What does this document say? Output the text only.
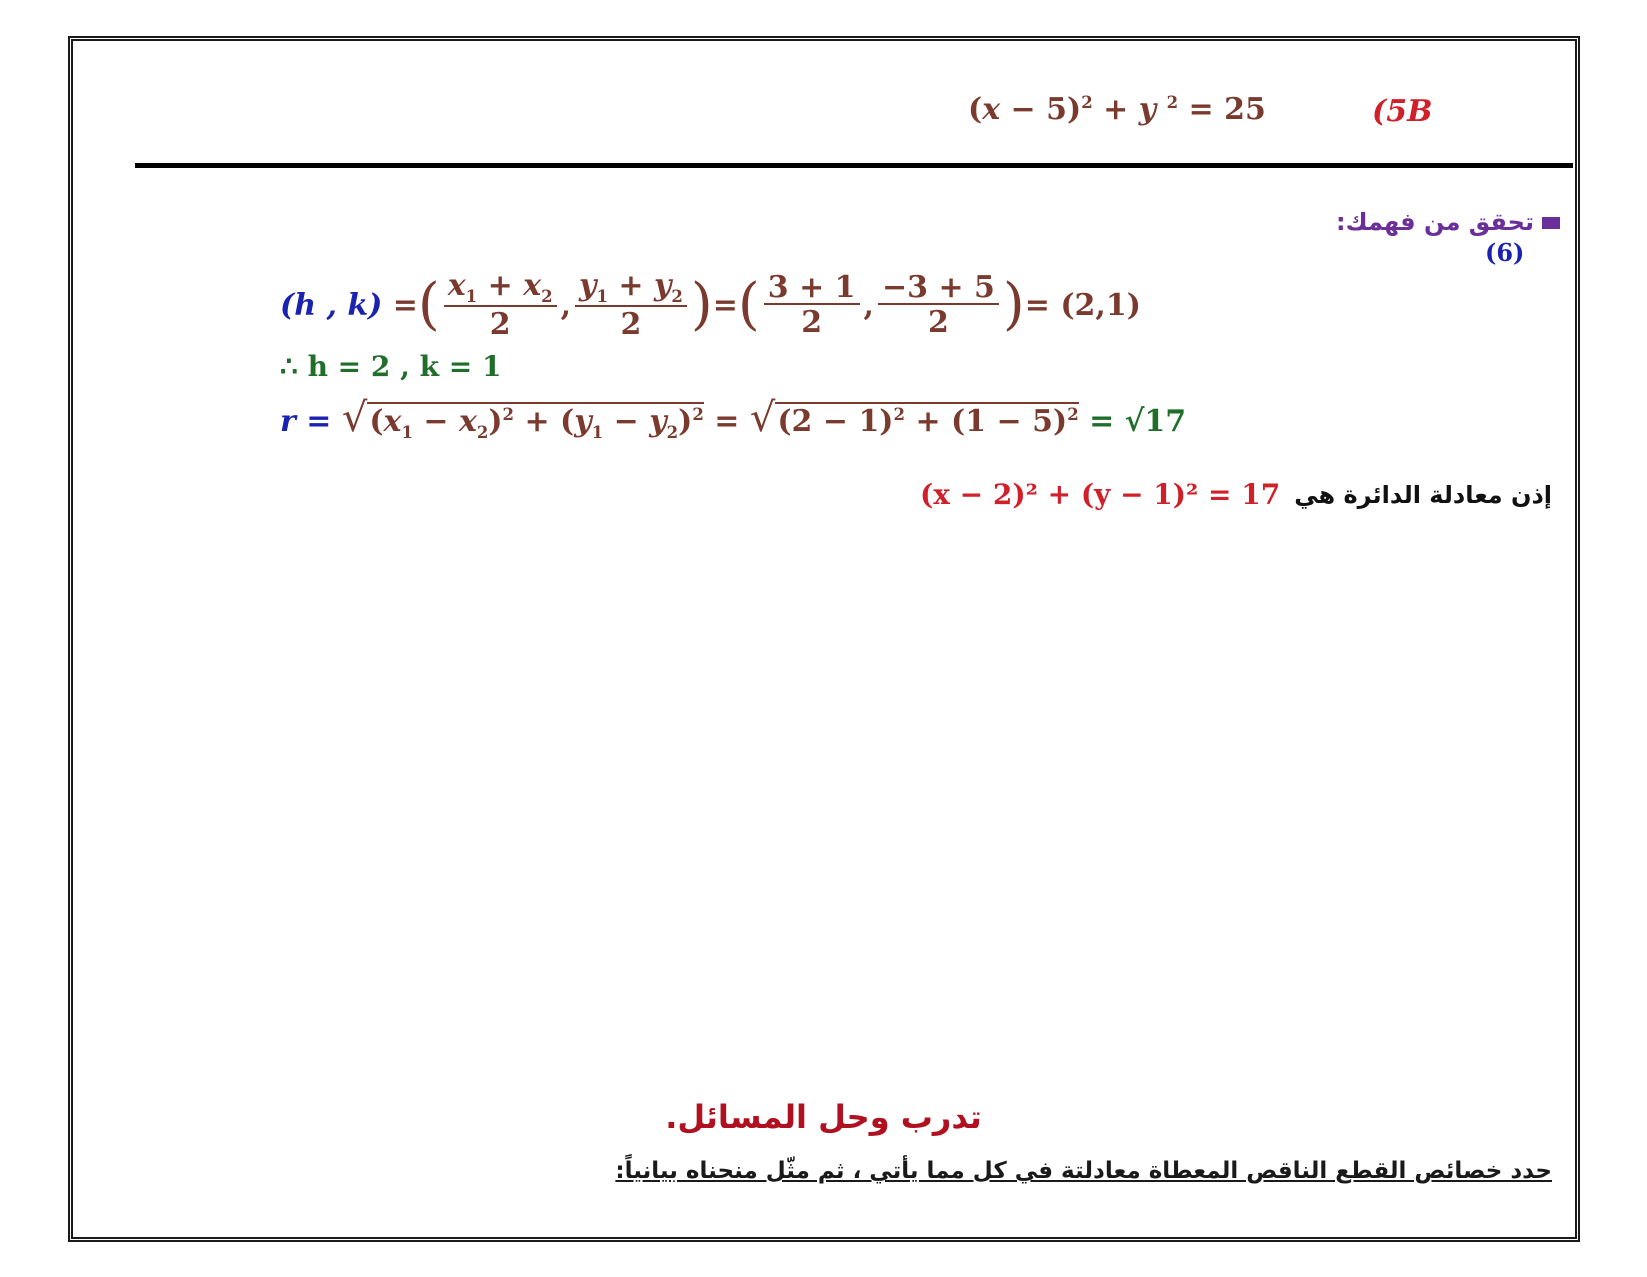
$(x - 5)^2 + y$ $^2$ = 25	(5B
تحقق من فهمك:
(6)
(h , k) = ( $\frac{x_1 + x_2}{2}$ , $\frac{y_1 + y_2}{2}$ ) = ( $\frac{3 + 1}{2}$ , $\frac{-3 + 5}{2}$ ) = (2,1)
∴ h = 2 , k = 1
$r = √(x_1 - x_2)^2 + (y_1 - y_2)^2 = √(2 - 1)^2 + (1 - 5)^2 = √17$
(x − 2)² + (y − 1)² = 17 إذن معادلة الدائرة هي
تدرب وحل المسائل.
حدد خصائص القطع الناقص المعطاة معادلتة في كل مما يأتي ، ثم مثّل منحناه بيانياً:
